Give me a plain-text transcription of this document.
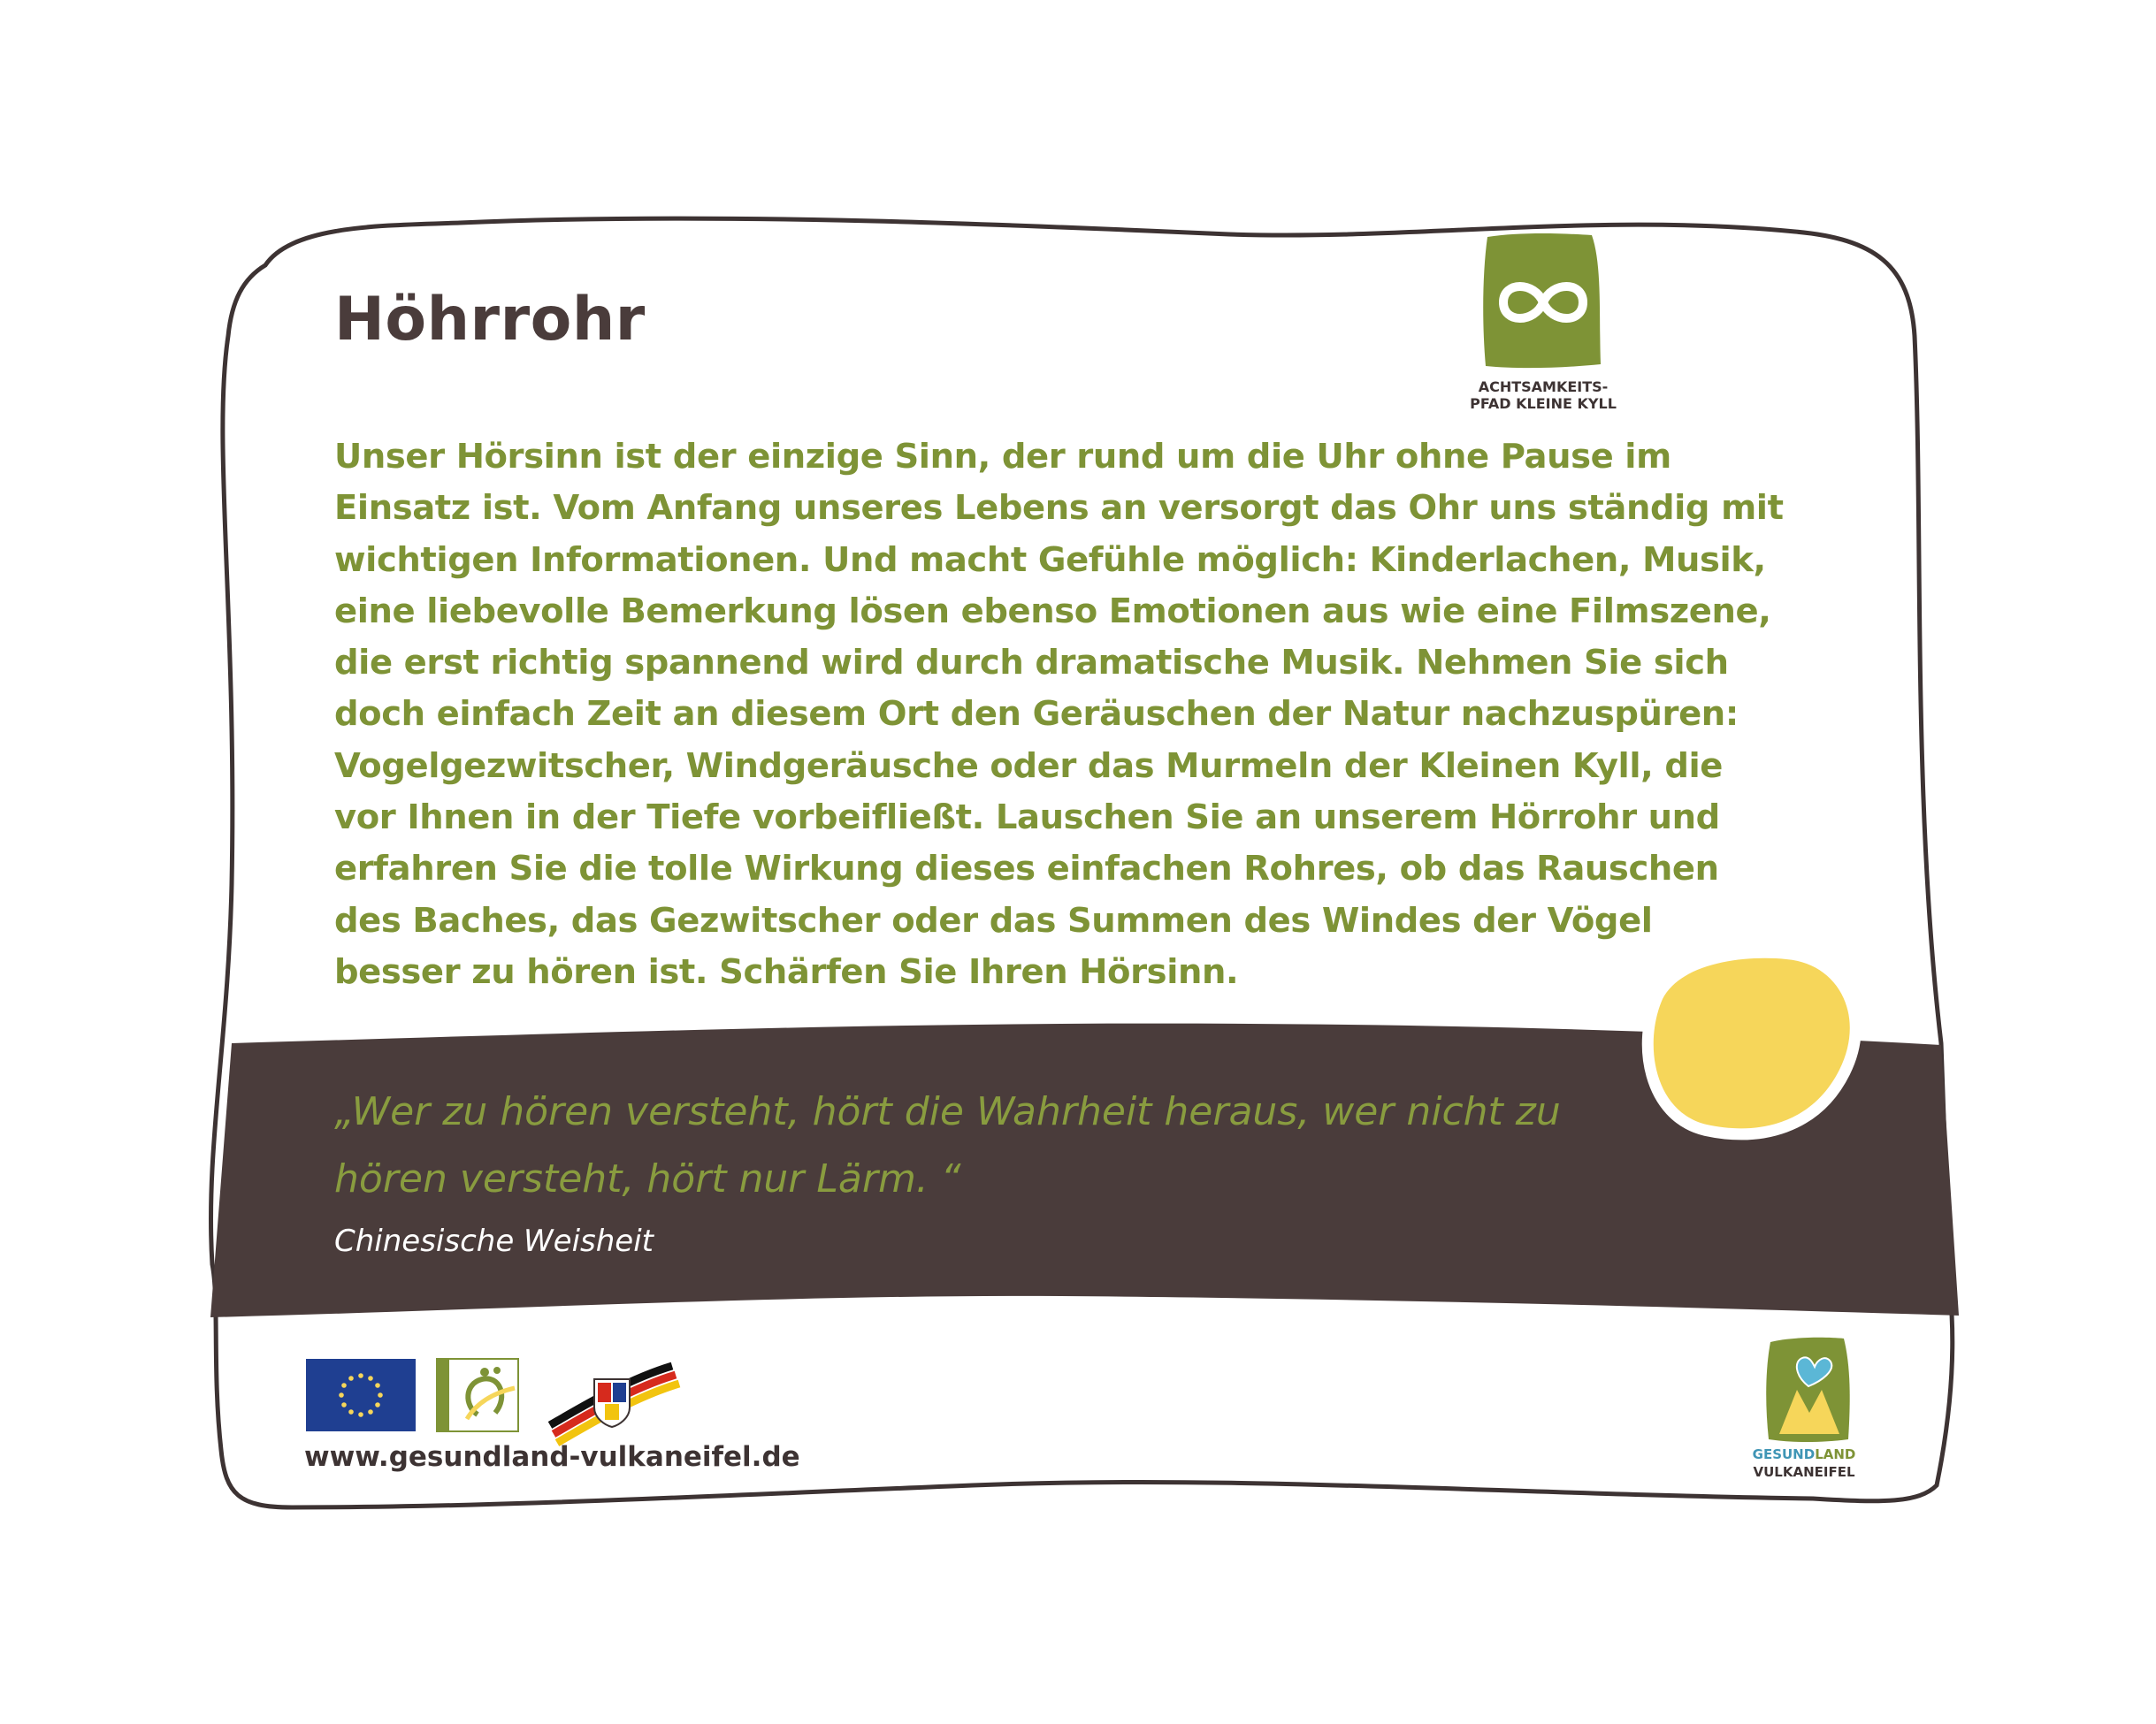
Höhrrohr
Unser Hörsinn ist der einzige Sinn, der rund um die Uhr ohne Pause im Einsatz ist. Vom Anfang unseres Lebens an versorgt das Ohr uns ständig mit wichtigen Informationen. Und macht Gefühle möglich: Kinderlachen, Musik, eine liebevolle Bemerkung lösen ebenso Emotionen aus wie eine Filmszene, die erst richtig spannend wird durch dramatische Musik. Nehmen Sie sich doch einfach Zeit an diesem Ort den Geräuschen der Natur nachzuspüren: Vogelgezwitscher, Windgeräusche oder das Murmeln der Kleinen Kyll, die vor Ihnen in der Tiefe vorbeifließt. Lauschen Sie an unserem Hörrohr und erfahren Sie die tolle Wirkung dieses einfachen Rohres, ob das Rauschen des Baches, das Gezwitscher oder das Summen des Windes der Vögel besser zu hören ist. Schärfen Sie Ihren Hörsinn.
„Wer zu hören versteht, hört die Wahrheit heraus, wer nicht zu hören versteht, hört nur Lärm. “
Chinesische Weisheit
ACHTSAMKEITS-
PFAD KLEINE KYLL
www.gesundland-vulkaneifel.de	GESUNDLAND
VULKANEIFEL
